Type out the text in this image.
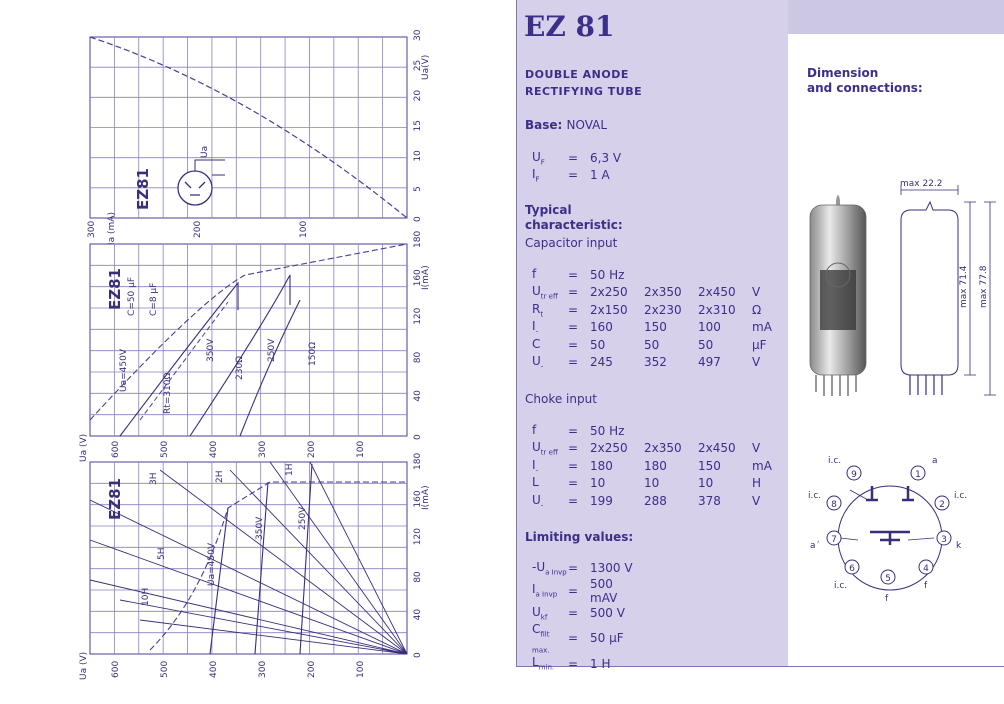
EZ81
Ua
Ua(V)
Ia (mA)
30
25
20
15
10
5
0
300	200	100
EZ81 C=50 µF C=8 µF
Ua=450V	350V	250V
Rt=310Ω
230Ω
150Ω
I(mA)
Ua (V)
180
160
120
80
40
0
600	500	400	300	200	100
EZ81
Ua=450V
350V	250V
3H	2H
1H
5H
10H
I(mA)
Ua (V)
180
160
120
80
40
0
600	500	400	300	200	100
EZ 81
DOUBLE ANODE
RECTIFYING TUBE
Base: NOVAL
$U_F$	=	6,3 V
$I_F$	=	1 A
Typical
characteristic:
Capacitor input
f	=	50 Hz			
$U_{tr eff}$	=	2x250	2x350	2x450	V
$R_t$	=	2x150	2x230	2x310	Ω
$I_-$	=	160	150	100	mA
C	=	50	50	50	µF
$U_-$	=	245	352	497	V
Choke input
f	=	50 Hz			
$U_{tr eff}$	=	2x250	2x350	2x450	V
$I_-$	=	180	180	150	mA
L	=	10	10	10	H
$U_-$	=	199	288	378	V
Limiting values:
$-U_{a Invp}$	=	1300 V
$I_{a Invp}$	=	500 mAV
$U_{kf}$	=	500 V
$C_{filt max.}$	=	50 µF
$L_{min.}$	=	1 H
Dimension
and connections:
max 22.2
max 71.4 max 77.8
1
2
3
4
5
6
7
8
9
i.c.	a
i.c.	i.c.
a´	k
i.c.	f
f
